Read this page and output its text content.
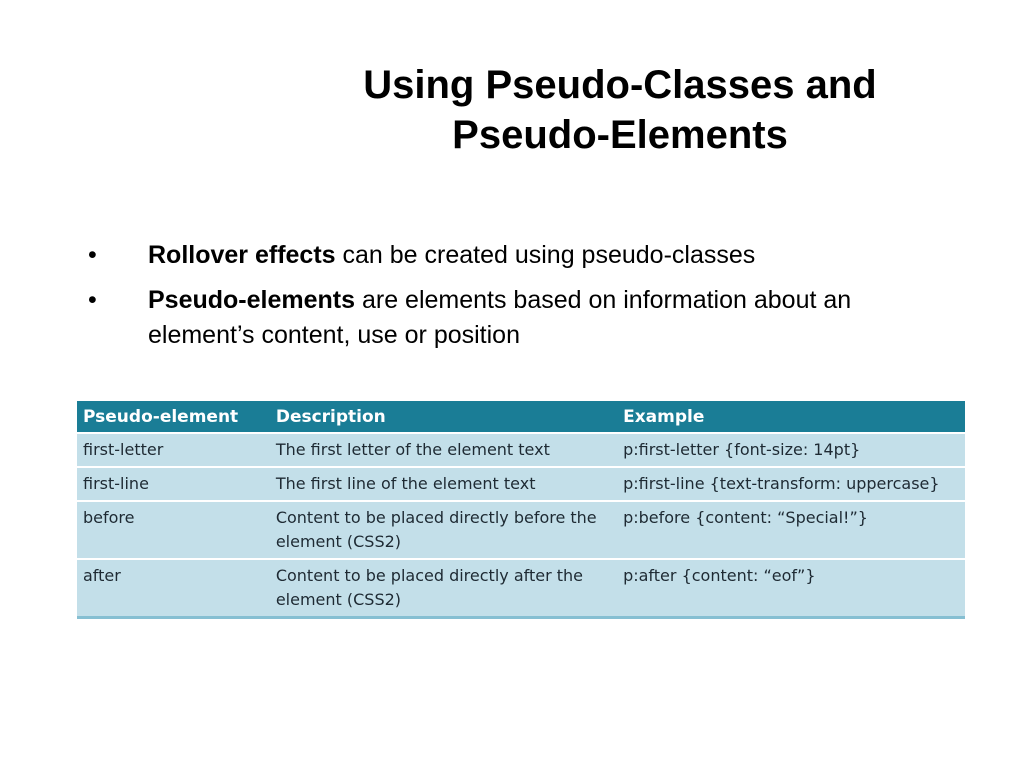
Using Pseudo-Classes and
Pseudo-Elements
• Rollover effects can be created using pseudo-classes
• Pseudo-elements are elements based on information about an element’s content, use or position
Pseudo-element	Description	Example
first-letter	The first letter of the element text	p:first-letter {font-size: 14pt}
first-line	The first line of the element text	p:first-line {text-transform: uppercase}
before	Content to be placed directly before the element (CSS2)	p:before {content: “Special!”}
after	Content to be placed directly after the element (CSS2)	p:after {content: “eof”}
